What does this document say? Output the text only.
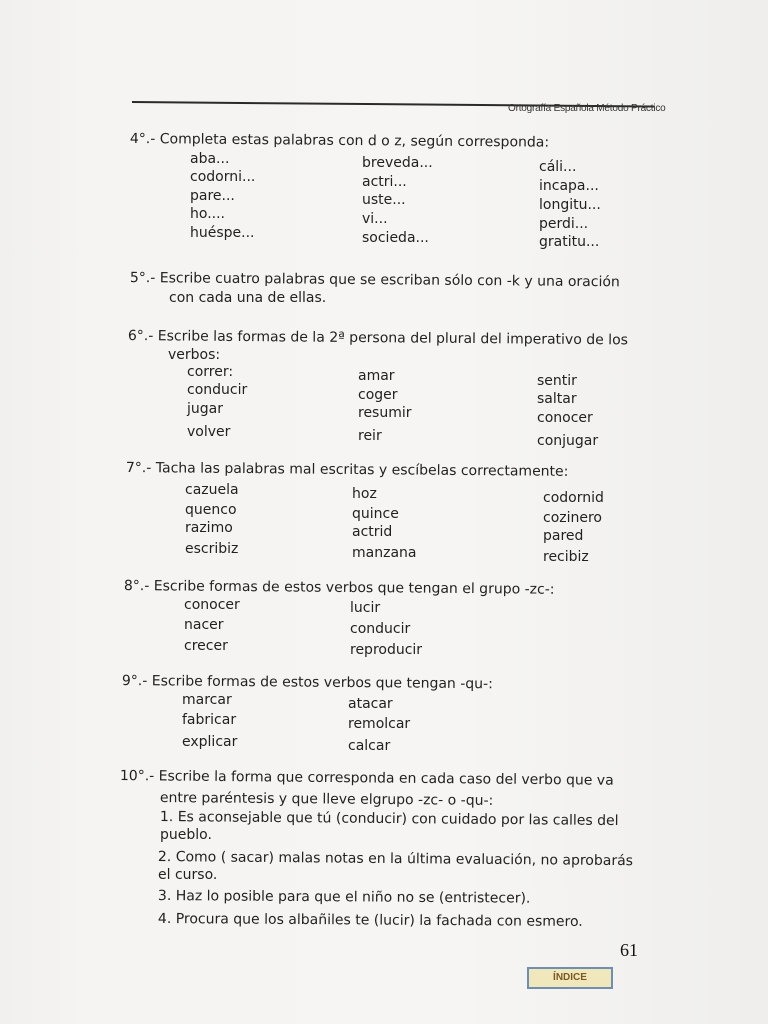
Ortografía Española Método Práctico
4°.- Completa estas palabras con d o z, según corresponda:
aba...
codorni...
pare...
ho....
huéspe...
breveda...
actri...
uste...
vi...
socieda...
cáli...
incapa...
longitu...
perdi...
gratitu...
5°.- Escribe cuatro palabras que se escriban sólo con -k y una oración
con cada una de ellas.
6°.- Escribe las formas de la 2ª persona del plural del imperativo de los
verbos:
correr:
conducir
jugar
volver
amar
coger
resumir
reir
sentir
saltar
conocer
conjugar
7°.- Tacha las palabras mal escritas y escíbelas correctamente:
cazuela
quenco
razimo
escribiz
hoz
quince
actrid
manzana
codornid
cozinero
pared
recibiz
8°.- Escribe formas de estos verbos que tengan el grupo -zc-:
conocer
nacer
crecer
lucir
conducir
reproducir
9°.- Escribe formas de estos verbos que tengan -qu-:
marcar
fabricar
explicar
atacar
remolcar
calcar
10°.- Escribe la forma que corresponda en cada caso del verbo que va
entre paréntesis y que lleve elgrupo -zc- o -qu-:
1. Es aconsejable que tú (conducir) con cuidado por las calles del
pueblo.
2. Como ( sacar) malas notas en la última evaluación, no aprobarás
el curso.
3. Haz lo posible para que el niño no se (entristecer).
4. Procura que los albañiles te (lucir) la fachada con esmero.
61
ÍNDICE
